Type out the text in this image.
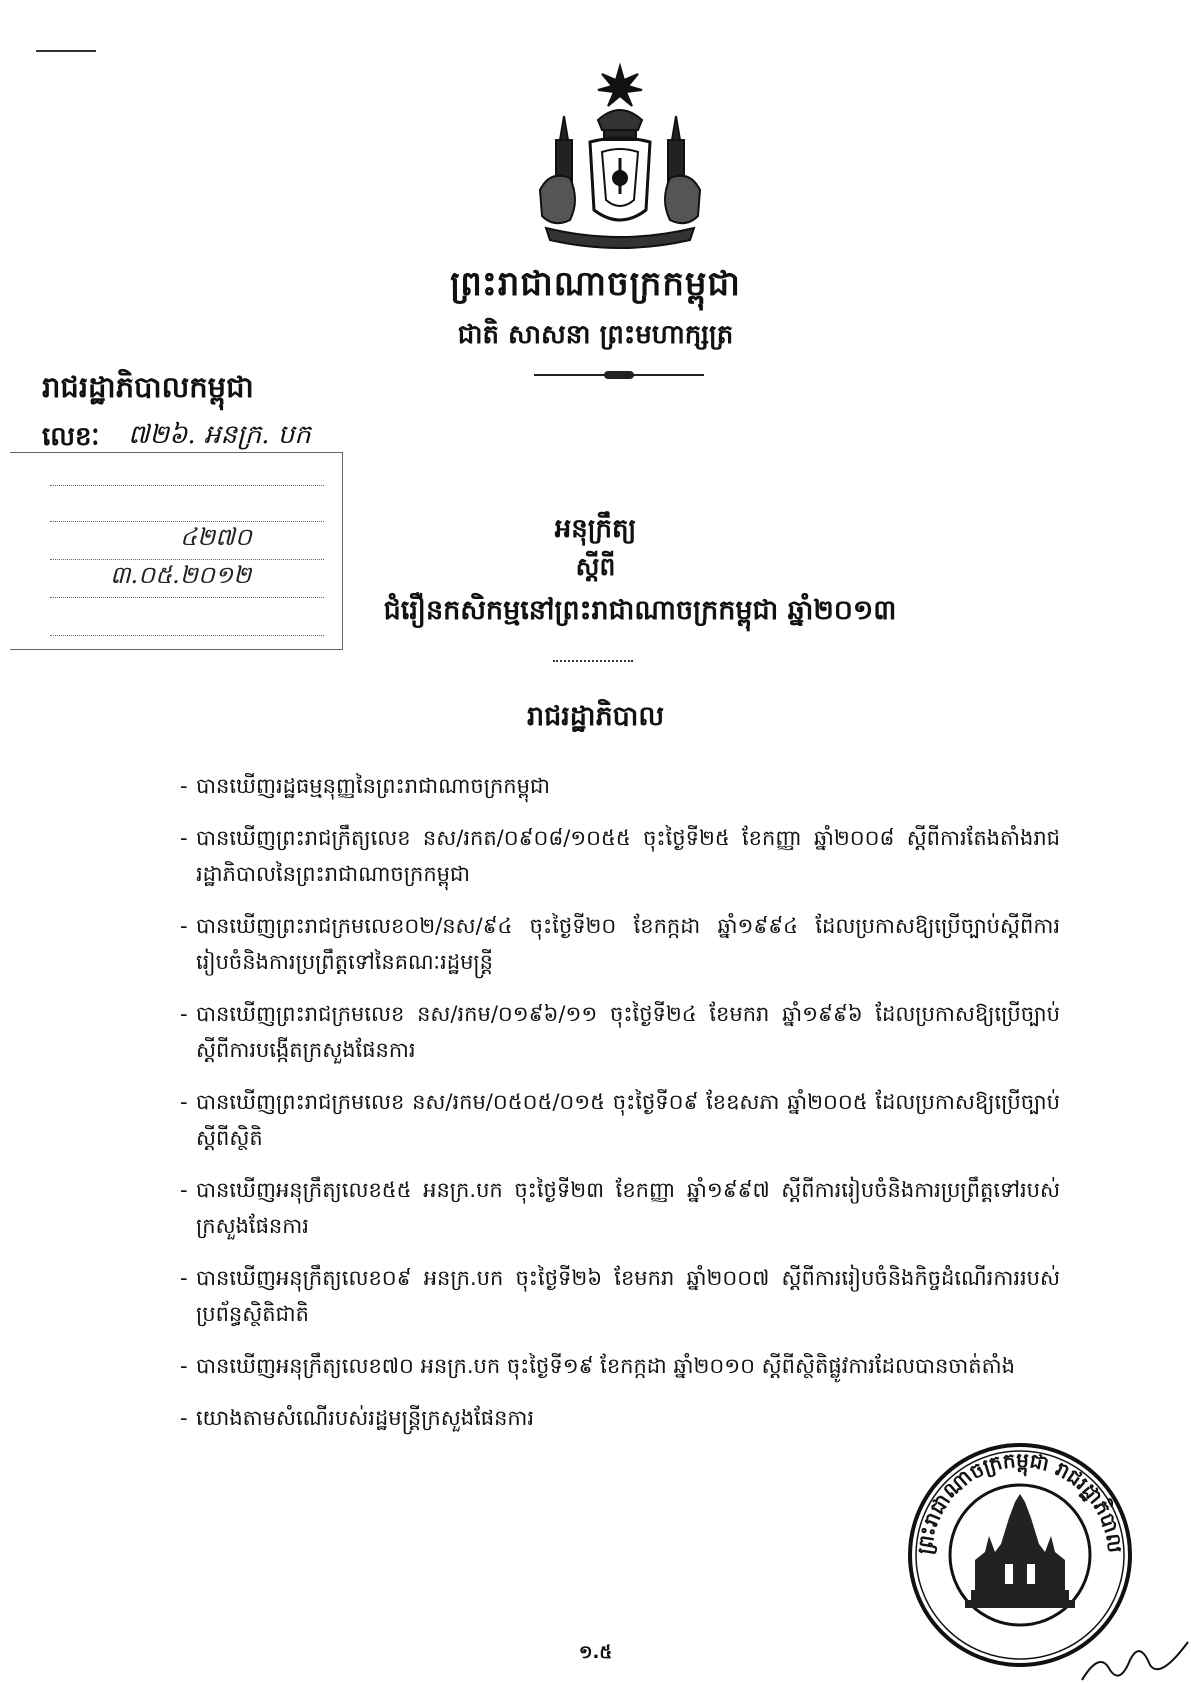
ព្រះរាជាណាចក្រកម្ពុជា
ជាតិ សាសនា ព្រះមហាក្សត្រ
រាជរដ្ឋាភិបាលកម្ពុជា
លេខៈ ៧២៦. អនក្រ. បក
៤២៧០
៣.០៥.២០១២
អនុក្រឹត្យ
ស្តីពី
ជំរឿនកសិកម្មនៅព្រះរាជាណាចក្រកម្ពុជា ឆ្នាំ២០១៣
រាជរដ្ឋាភិបាល
- បានឃើញរដ្ឋធម្មនុញ្ញនៃព្រះរាជាណាចក្រកម្ពុជា
- បានឃើញព្រះរាជក្រឹត្យលេខ នស/រកត/០៩០៨/១០៥៥ ចុះថ្ងៃទី២៥ ខែកញ្ញា ឆ្នាំ២០០៨ ស្តីពីការតែងតាំងរាជរដ្ឋាភិបាលនៃព្រះរាជាណាចក្រកម្ពុជា
- បានឃើញព្រះរាជក្រមលេខ០២/នស/៩៤ ចុះថ្ងៃទី២០ ខែកក្កដា ឆ្នាំ១៩៩៤ ដែលប្រកាសឱ្យប្រើច្បាប់ស្តីពីការរៀបចំនិងការប្រព្រឹត្តទៅនៃគណៈរដ្ឋមន្ត្រី
- បានឃើញព្រះរាជក្រមលេខ នស/រកម/០១៩៦/១១ ចុះថ្ងៃទី២៤ ខែមករា ឆ្នាំ១៩៩៦ ដែលប្រកាសឱ្យប្រើច្បាប់ស្តីពីការបង្កើតក្រសួងផែនការ
- បានឃើញព្រះរាជក្រមលេខ នស/រកម/០៥០៥/០១៥ ចុះថ្ងៃទី០៩ ខែឧសភា ឆ្នាំ២០០៥ ដែលប្រកាសឱ្យប្រើច្បាប់ស្តីពីស្ថិតិ
- បានឃើញអនុក្រឹត្យលេខ៥៥ អនក្រ.បក ចុះថ្ងៃទី២៣ ខែកញ្ញា ឆ្នាំ១៩៩៧ ស្តីពីការរៀបចំនិងការប្រព្រឹត្តទៅរបស់ក្រសួងផែនការ
- បានឃើញអនុក្រឹត្យលេខ០៩ អនក្រ.បក ចុះថ្ងៃទី២៦ ខែមករា ឆ្នាំ២០០៧ ស្តីពីការរៀបចំនិងកិច្ចដំណើរការរបស់ប្រព័ន្ធស្ថិតិជាតិ
- បានឃើញអនុក្រឹត្យលេខ៧០ អនក្រ.បក ចុះថ្ងៃទី១៩ ខែកក្កដា ឆ្នាំ២០១០ ស្តីពីស្ថិតិផ្លូវការដែលបានចាត់តាំង
- យោងតាមសំណើរបស់រដ្ឋមន្ត្រីក្រសួងផែនការ
ព្រះរាជាណាចក្រកម្ពុជា រាជរដ្ឋាភិបាល
១.៥
